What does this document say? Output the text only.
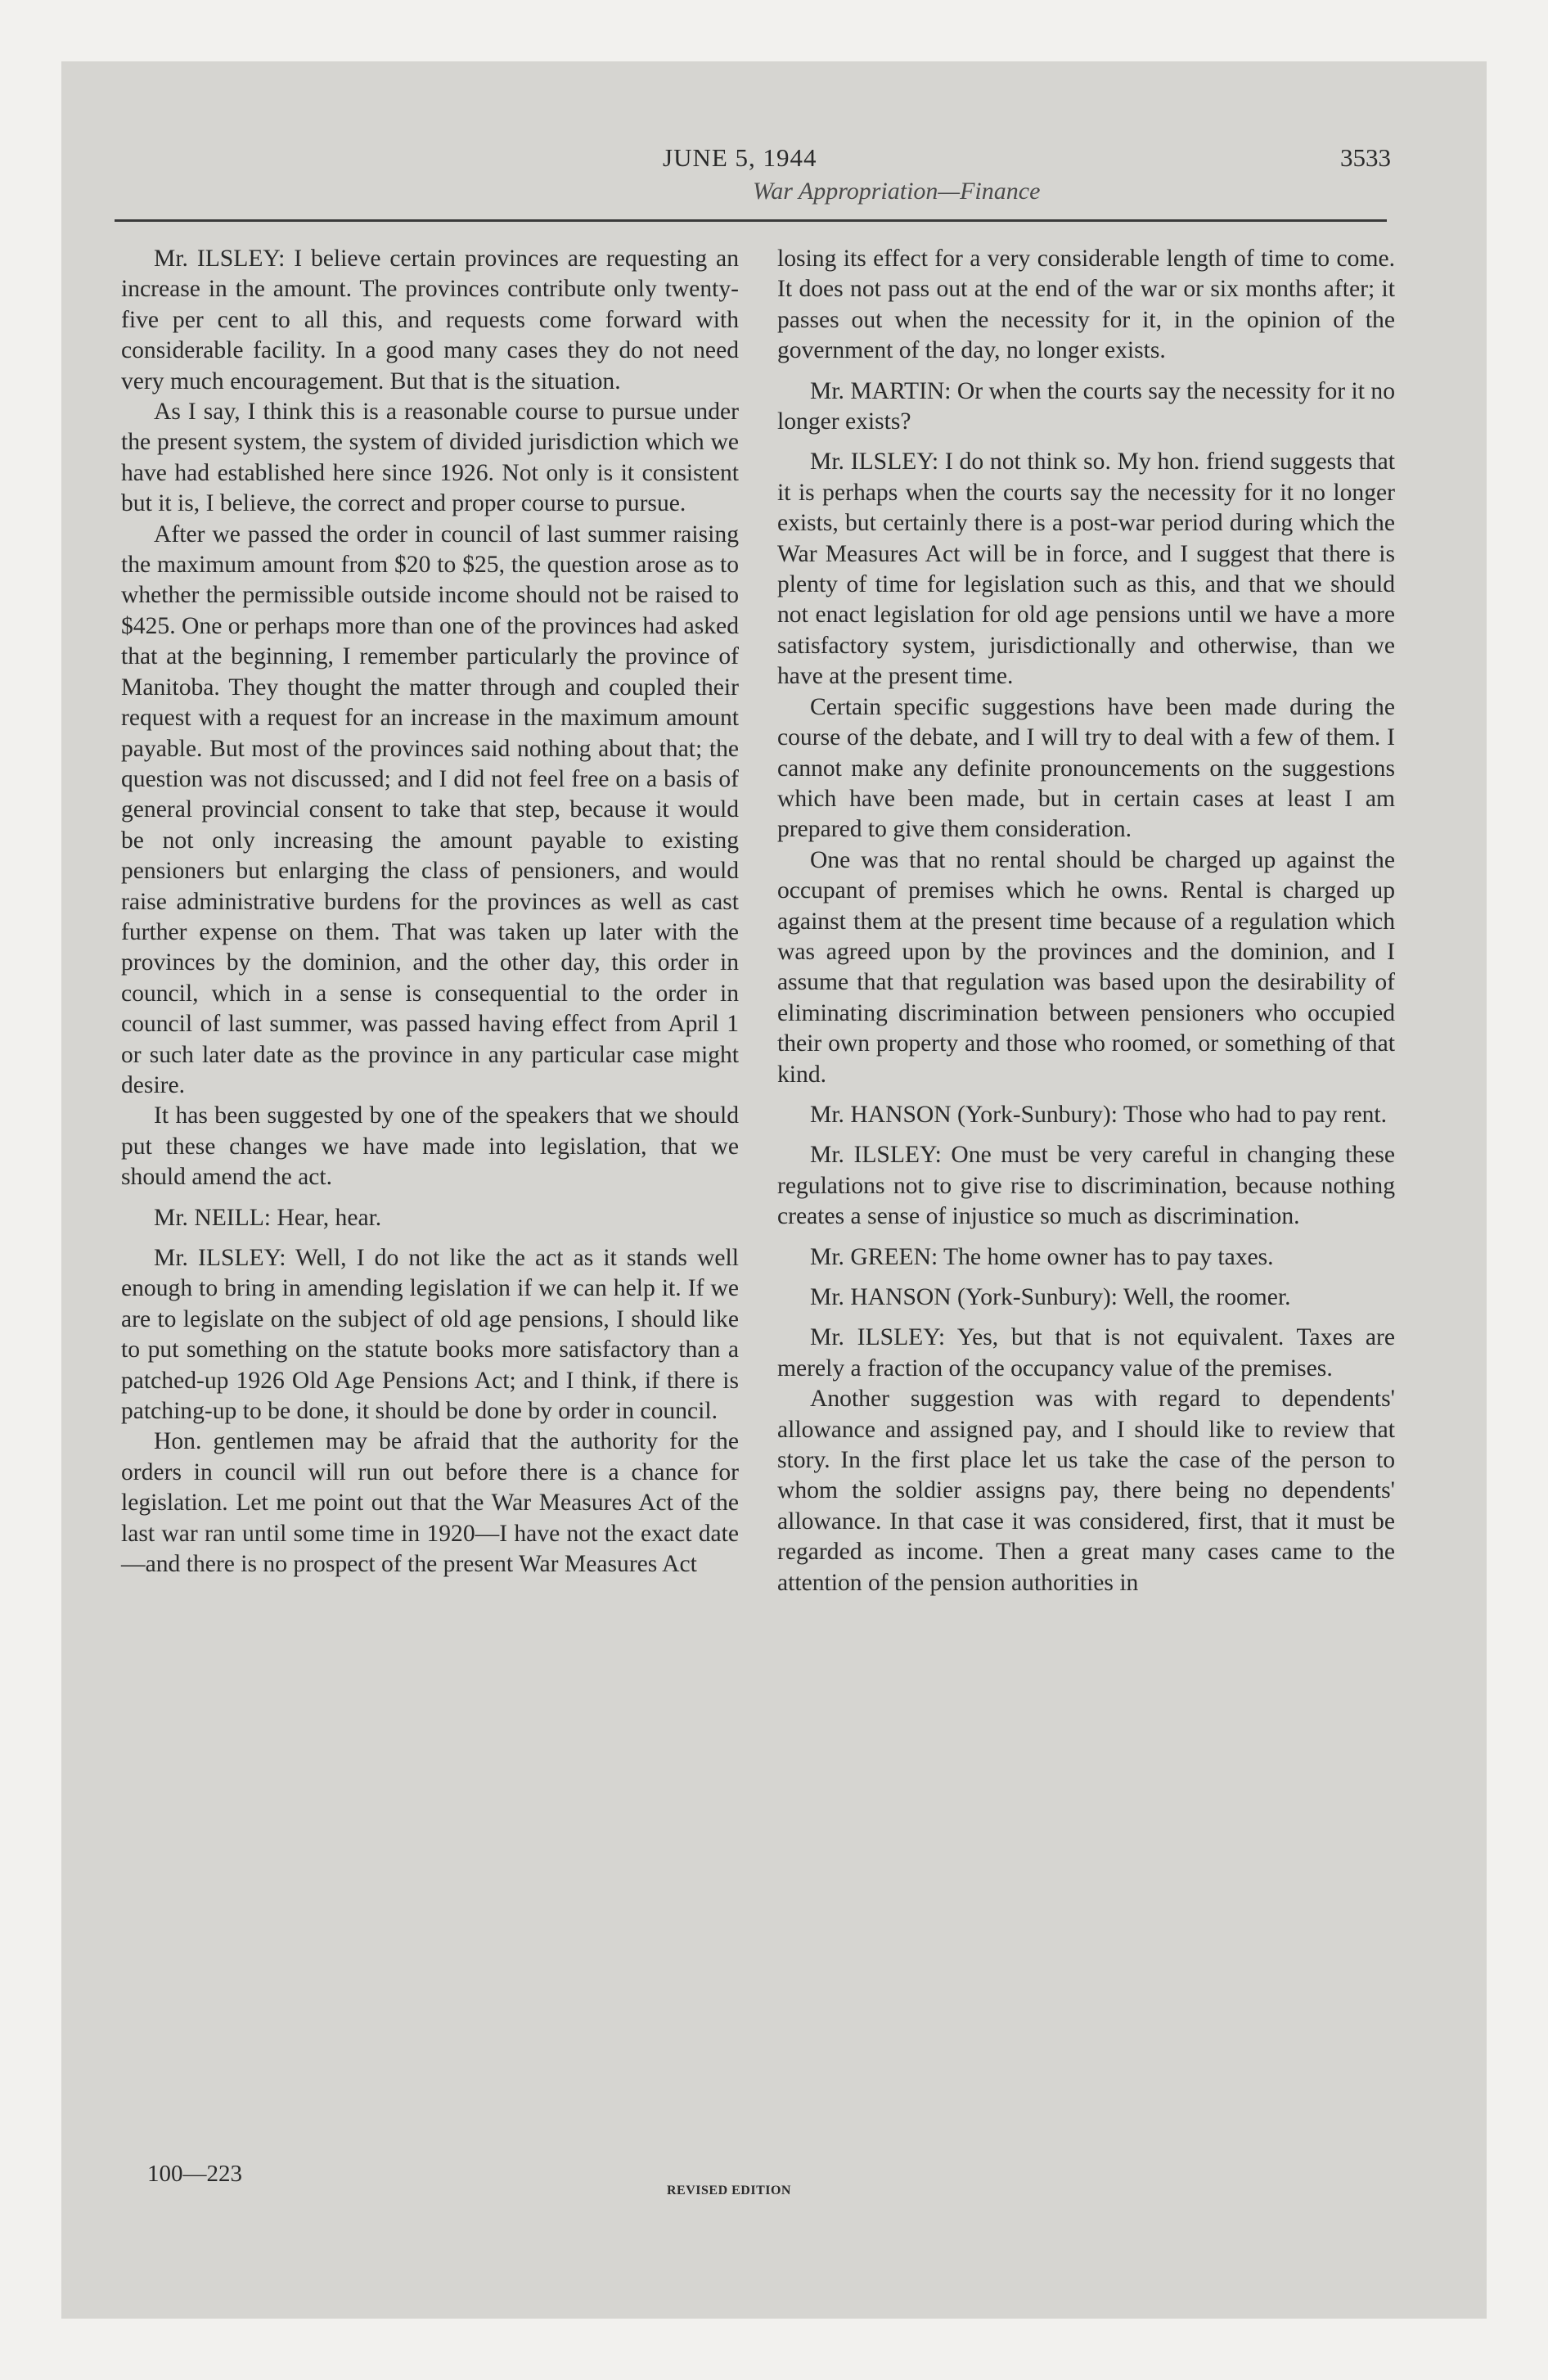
JUNE 5, 1944	3533
War Appropriation—Finance

Mr. ILSLEY: I believe certain provinces are requesting an increase in the amount. The provinces contribute only twenty-five per cent to all this, and requests come forward with considerable facility. In a good many cases they do not need very much encouragement. But that is the situation.

As I say, I think this is a reasonable course to pursue under the present system, the system of divided jurisdiction which we have had established here since 1926. Not only is it consistent but it is, I believe, the correct and proper course to pursue.

After we passed the order in council of last summer raising the maximum amount from $20 to $25, the question arose as to whether the permissible outside income should not be raised to $425. One or perhaps more than one of the provinces had asked that at the beginning, I remember particularly the province of Manitoba. They thought the matter through and coupled their request with a request for an increase in the maximum amount payable. But most of the provinces said nothing about that; the question was not discussed; and I did not feel free on a basis of general provincial consent to take that step, because it would be not only increasing the amount payable to existing pensioners but enlarging the class of pensioners, and would raise administrative burdens for the provinces as well as cast further expense on them. That was taken up later with the provinces by the dominion, and the other day, this order in council, which in a sense is consequential to the order in council of last summer, was passed having effect from April 1 or such later date as the province in any particular case might desire.

It has been suggested by one of the speakers that we should put these changes we have made into legislation, that we should amend the act.

Mr. NEILL: Hear, hear.

Mr. ILSLEY: Well, I do not like the act as it stands well enough to bring in amending legislation if we can help it. If we are to legislate on the subject of old age pensions, I should like to put something on the statute books more satisfactory than a patched-up 1926 Old Age Pensions Act; and I think, if there is patching-up to be done, it should be done by order in council.

Hon. gentlemen may be afraid that the authority for the orders in council will run out before there is a chance for legislation. Let me point out that the War Measures Act of the last war ran until some time in 1920—I have not the exact date—and there is no prospect of the present War Measures Act

losing its effect for a very considerable length of time to come. It does not pass out at the end of the war or six months after; it passes out when the necessity for it, in the opinion of the government of the day, no longer exists.

Mr. MARTIN: Or when the courts say the necessity for it no longer exists?

Mr. ILSLEY: I do not think so. My hon. friend suggests that it is perhaps when the courts say the necessity for it no longer exists, but certainly there is a post-war period during which the War Measures Act will be in force, and I suggest that there is plenty of time for legislation such as this, and that we should not enact legislation for old age pensions until we have a more satisfactory system, jurisdictionally and otherwise, than we have at the present time.

Certain specific suggestions have been made during the course of the debate, and I will try to deal with a few of them. I cannot make any definite pronouncements on the suggestions which have been made, but in certain cases at least I am prepared to give them consideration.

One was that no rental should be charged up against the occupant of premises which he owns. Rental is charged up against them at the present time because of a regulation which was agreed upon by the provinces and the dominion, and I assume that that regulation was based upon the desirability of eliminating discrimination between pensioners who occupied their own property and those who roomed, or something of that kind.

Mr. HANSON (York-Sunbury): Those who had to pay rent.

Mr. ILSLEY: One must be very careful in changing these regulations not to give rise to discrimination, because nothing creates a sense of injustice so much as discrimination.

Mr. GREEN: The home owner has to pay taxes.

Mr. HANSON (York-Sunbury): Well, the roomer.

Mr. ILSLEY: Yes, but that is not equivalent. Taxes are merely a fraction of the occupancy value of the premises.

Another suggestion was with regard to dependents' allowance and assigned pay, and I should like to review that story. In the first place let us take the case of the person to whom the soldier assigns pay, there being no dependents' allowance. In that case it was considered, first, that it must be regarded as income. Then a great many cases came to the attention of the pension authorities in

100—223
REVISED EDITION
